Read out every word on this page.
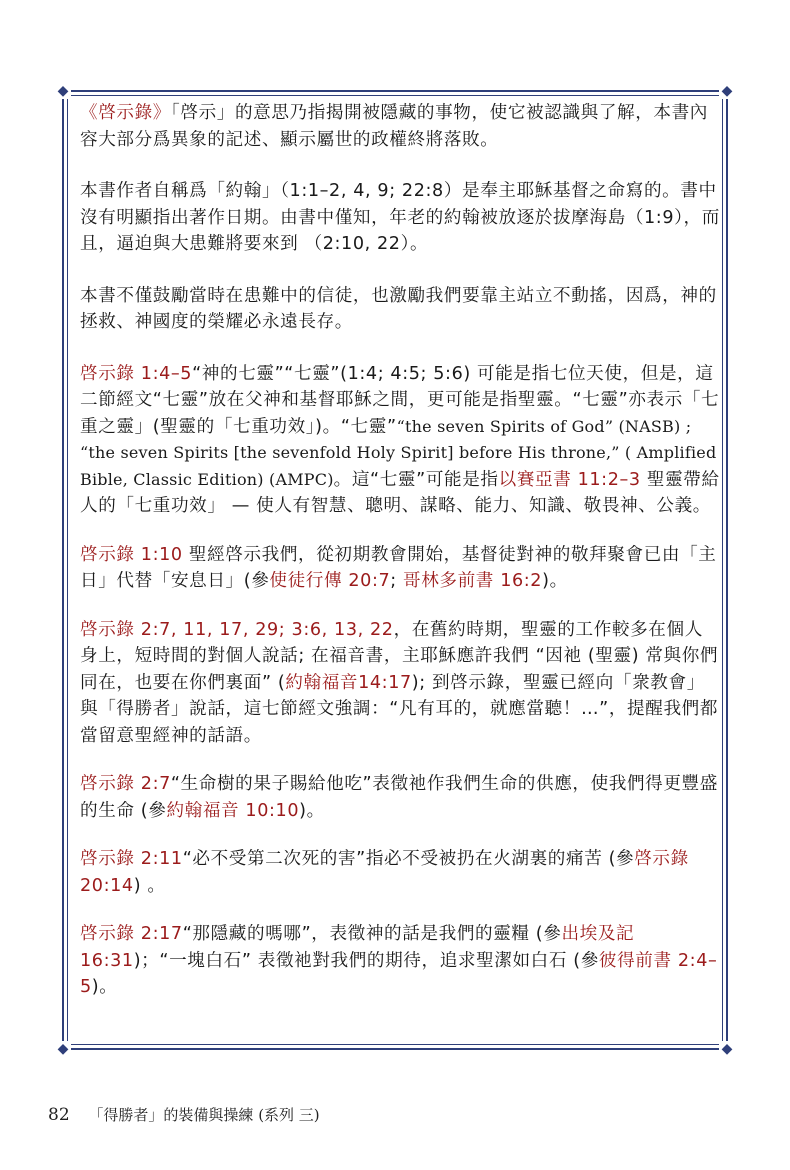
◆	◆
◆	◆

《啓示錄》「啓示」的意思乃指揭開被隱藏的事物，使它被認識與了解，本書內容大部分爲異象的記述、顯示屬世的政權終將落敗。

本書作者自稱爲「約翰」（1:1–2, 4, 9; 22:8）是奉主耶穌基督之命寫的。書中沒有明顯指出著作日期。由書中僅知，年老的約翰被放逐於拔摩海島（1:9），而且，逼迫與大患難將要來到 （2:10, 22）。

本書不僅鼓勵當時在患難中的信徒，也激勵我們要靠主站立不動搖，因爲，神的拯救、神國度的榮耀必永遠長存。

啓示錄 1:4–5“神的七靈”“七靈”(1:4; 4:5; 5:6) 可能是指七位天使，但是，這二節經文“七靈”放在父神和基督耶穌之間，更可能是指聖靈。“七靈”亦表示「七重之靈」(聖靈的「七重功效」)。“七靈”“the seven Spirits of God” (NASB) ; “the seven Spirits [the sevenfold Holy Spirit] before His throne,” ( Amplified Bible, Classic Edition) (AMPC)。這“七靈”可能是指以賽亞書 11:2–3 聖靈帶給人的「七重功效」 — 使人有智慧、聰明、謀略、能力、知識、敬畏神、公義。

啓示錄 1:10 聖經啓示我們，從初期教會開始，基督徒對神的敬拜聚會已由「主日」代替「安息日」(參使徒行傳 20:7; 哥林多前書 16:2)。

啓示錄 2:7, 11, 17, 29; 3:6, 13, 22，在舊約時期，聖靈的工作較多在個人身上，短時間的對個人說話; 在福音書，主耶穌應許我們 “因祂 (聖靈) 常與你們同在，也要在你們裏面” (約翰福音14:17); 到啓示錄，聖靈已經向「衆教會」與「得勝者」說話，這七節經文強調：“凡有耳的，就應當聽！…”，提醒我們都當留意聖經神的話語。

啓示錄 2:7“生命樹的果子賜給他吃”表徵祂作我們生命的供應，使我們得更豐盛的生命 (參約翰福音 10:10)。

啓示錄 2:11“必不受第二次死的害”指必不受被扔在火湖裏的痛苦 (參啓示錄 20:14) 。

啓示錄 2:17“那隱藏的嗎哪”，表徵神的話是我們的靈糧 (參出埃及記 16:31)；“一塊白石” 表徵祂對我們的期待，追求聖潔如白石 (參彼得前書 2:4–5)。

82 「得勝者」的裝備與操練 (系列 三)
